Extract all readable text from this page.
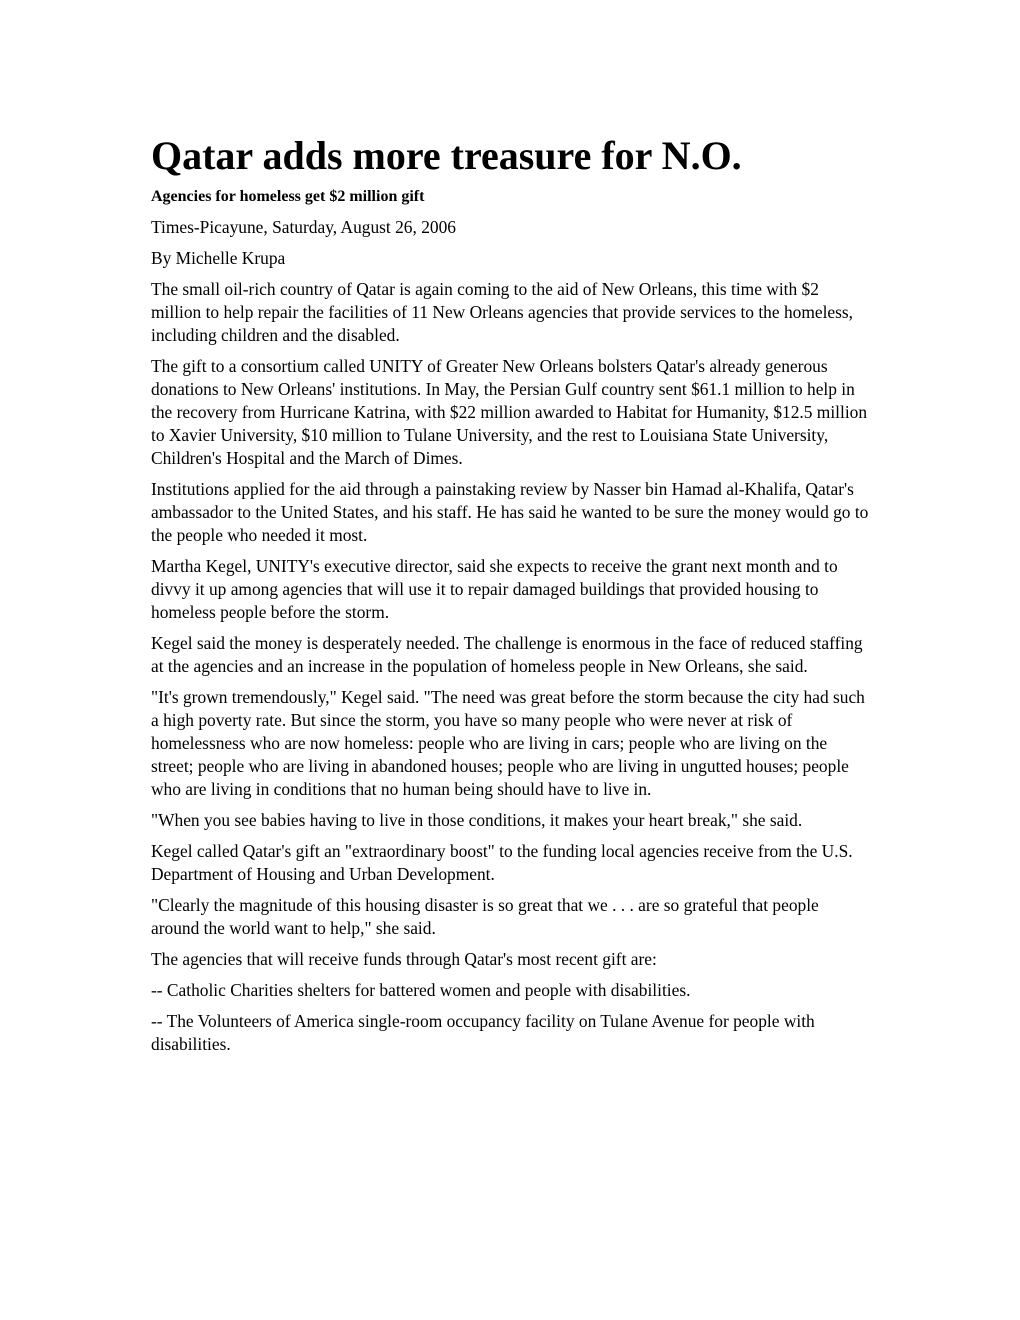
Qatar adds more treasure for N.O.
Agencies for homeless get $2 million gift
Times-Picayune, Saturday, August 26, 2006
By Michelle Krupa

The small oil-rich country of Qatar is again coming to the aid of New Orleans, this time with $2 million to help repair the facilities of 11 New Orleans agencies that provide services to the homeless, including children and the disabled.

The gift to a consortium called UNITY of Greater New Orleans bolsters Qatar's already generous donations to New Orleans' institutions. In May, the Persian Gulf country sent $61.1 million to help in the recovery from Hurricane Katrina, with $22 million awarded to Habitat for Humanity, $12.5 million to Xavier University, $10 million to Tulane University, and the rest to Louisiana State University, Children's Hospital and the March of Dimes.

Institutions applied for the aid through a painstaking review by Nasser bin Hamad al-Khalifa, Qatar's ambassador to the United States, and his staff. He has said he wanted to be sure the money would go to the people who needed it most.

Martha Kegel, UNITY's executive director, said she expects to receive the grant next month and to divvy it up among agencies that will use it to repair damaged buildings that provided housing to homeless people before the storm.

Kegel said the money is desperately needed. The challenge is enormous in the face of reduced staffing at the agencies and an increase in the population of homeless people in New Orleans, she said.

"It's grown tremendously," Kegel said. "The need was great before the storm because the city had such a high poverty rate. But since the storm, you have so many people who were never at risk of homelessness who are now homeless: people who are living in cars; people who are living on the street; people who are living in abandoned houses; people who are living in ungutted houses; people who are living in conditions that no human being should have to live in.

"When you see babies having to live in those conditions, it makes your heart break," she said.

Kegel called Qatar's gift an "extraordinary boost" to the funding local agencies receive from the U.S. Department of Housing and Urban Development.

"Clearly the magnitude of this housing disaster is so great that we . . . are so grateful that people around the world want to help," she said.

The agencies that will receive funds through Qatar's most recent gift are:

-- Catholic Charities shelters for battered women and people with disabilities.

-- The Volunteers of America single-room occupancy facility on Tulane Avenue for people with disabilities.
